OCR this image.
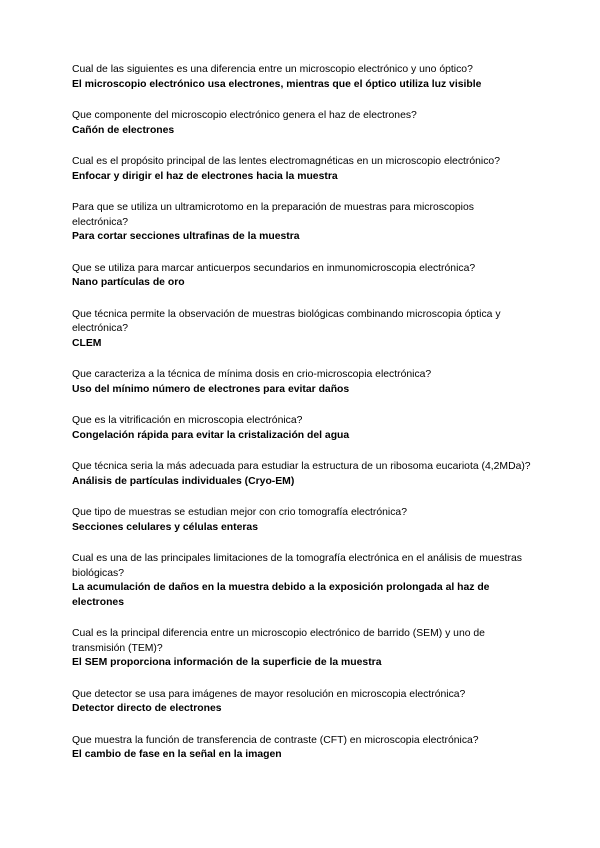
Cual de las siguientes es una diferencia entre un microscopio electrónico y uno óptico?
El microscopio electrónico usa electrones, mientras que el óptico utiliza luz visible
Que componente del microscopio electrónico genera el haz de electrones?
Cañón de electrones
Cual es el propósito principal de las lentes electromagnéticas en un microscopio electrónico?
Enfocar y dirigir el haz de electrones hacia la muestra
Para que se utiliza un ultramicrotomo en la preparación de muestras para microscopios electrónica?
Para cortar secciones ultrafinas de la muestra
Que se utiliza para marcar anticuerpos secundarios en inmunomicroscopia electrónica?
Nano partículas de oro
Que técnica permite la observación de muestras biológicas combinando microscopia óptica y electrónica?
CLEM
Que caracteriza a la técnica de mínima dosis en crio-microscopia electrónica?
Uso del mínimo número de electrones para evitar daños
Que es la vitrificación en microscopia electrónica?
Congelación rápida para evitar la cristalización del agua
Que técnica seria la más adecuada para estudiar la estructura de un ribosoma eucariota (4,2MDa)?
Análisis de partículas individuales (Cryo-EM)
Que tipo de muestras se estudian mejor con crio tomografía electrónica?
Secciones celulares y células enteras
Cual es una de las principales limitaciones de la tomografía electrónica en el análisis de muestras biológicas?
La acumulación de daños en la muestra debido a la exposición prolongada al haz de electrones
Cual es la principal diferencia entre un microscopio electrónico de barrido (SEM) y uno de transmisión (TEM)?
El SEM proporciona información de la superficie de la muestra
Que detector se usa para imágenes de mayor resolución en microscopia electrónica?
Detector directo de electrones
Que muestra la función de transferencia de contraste (CFT) en microscopia electrónica?
El cambio de fase en la señal en la imagen
